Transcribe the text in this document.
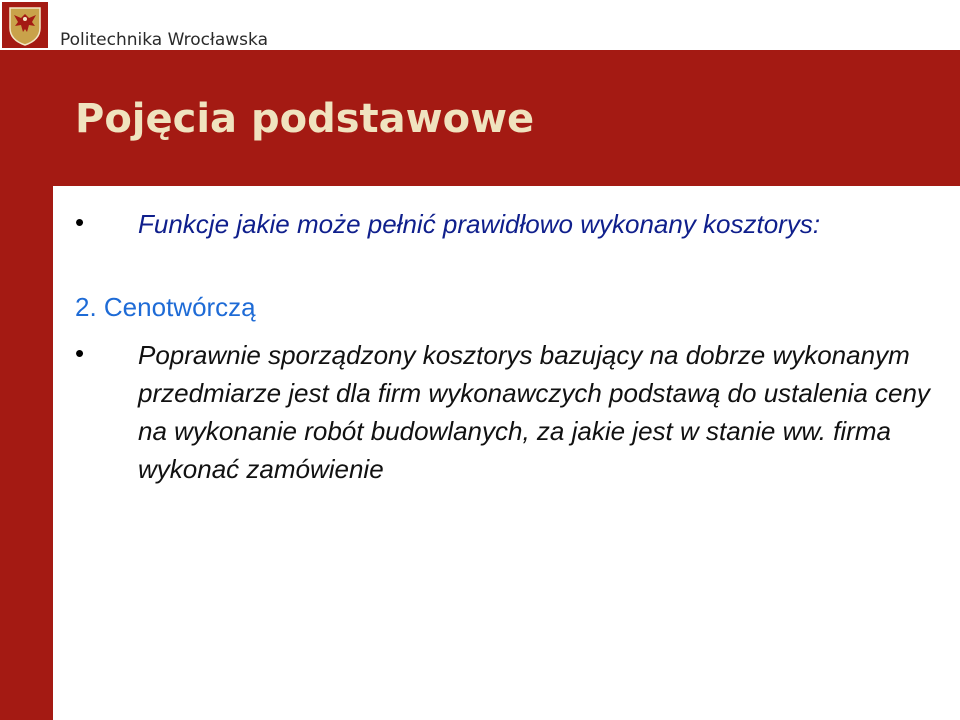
Politechnika Wrocławska
Pojęcia podstawowe
• Funkcje jakie może pełnić prawidłowo wykonany kosztorys:
2. Cenotwórczą
• Poprawnie sporządzony kosztorys bazujący na dobrze wykonanym przedmiarze jest dla firm wykonawczych podstawą do ustalenia ceny na wykonanie robót budowlanych, za jakie jest w stanie ww. firma wykonać zamówienie
